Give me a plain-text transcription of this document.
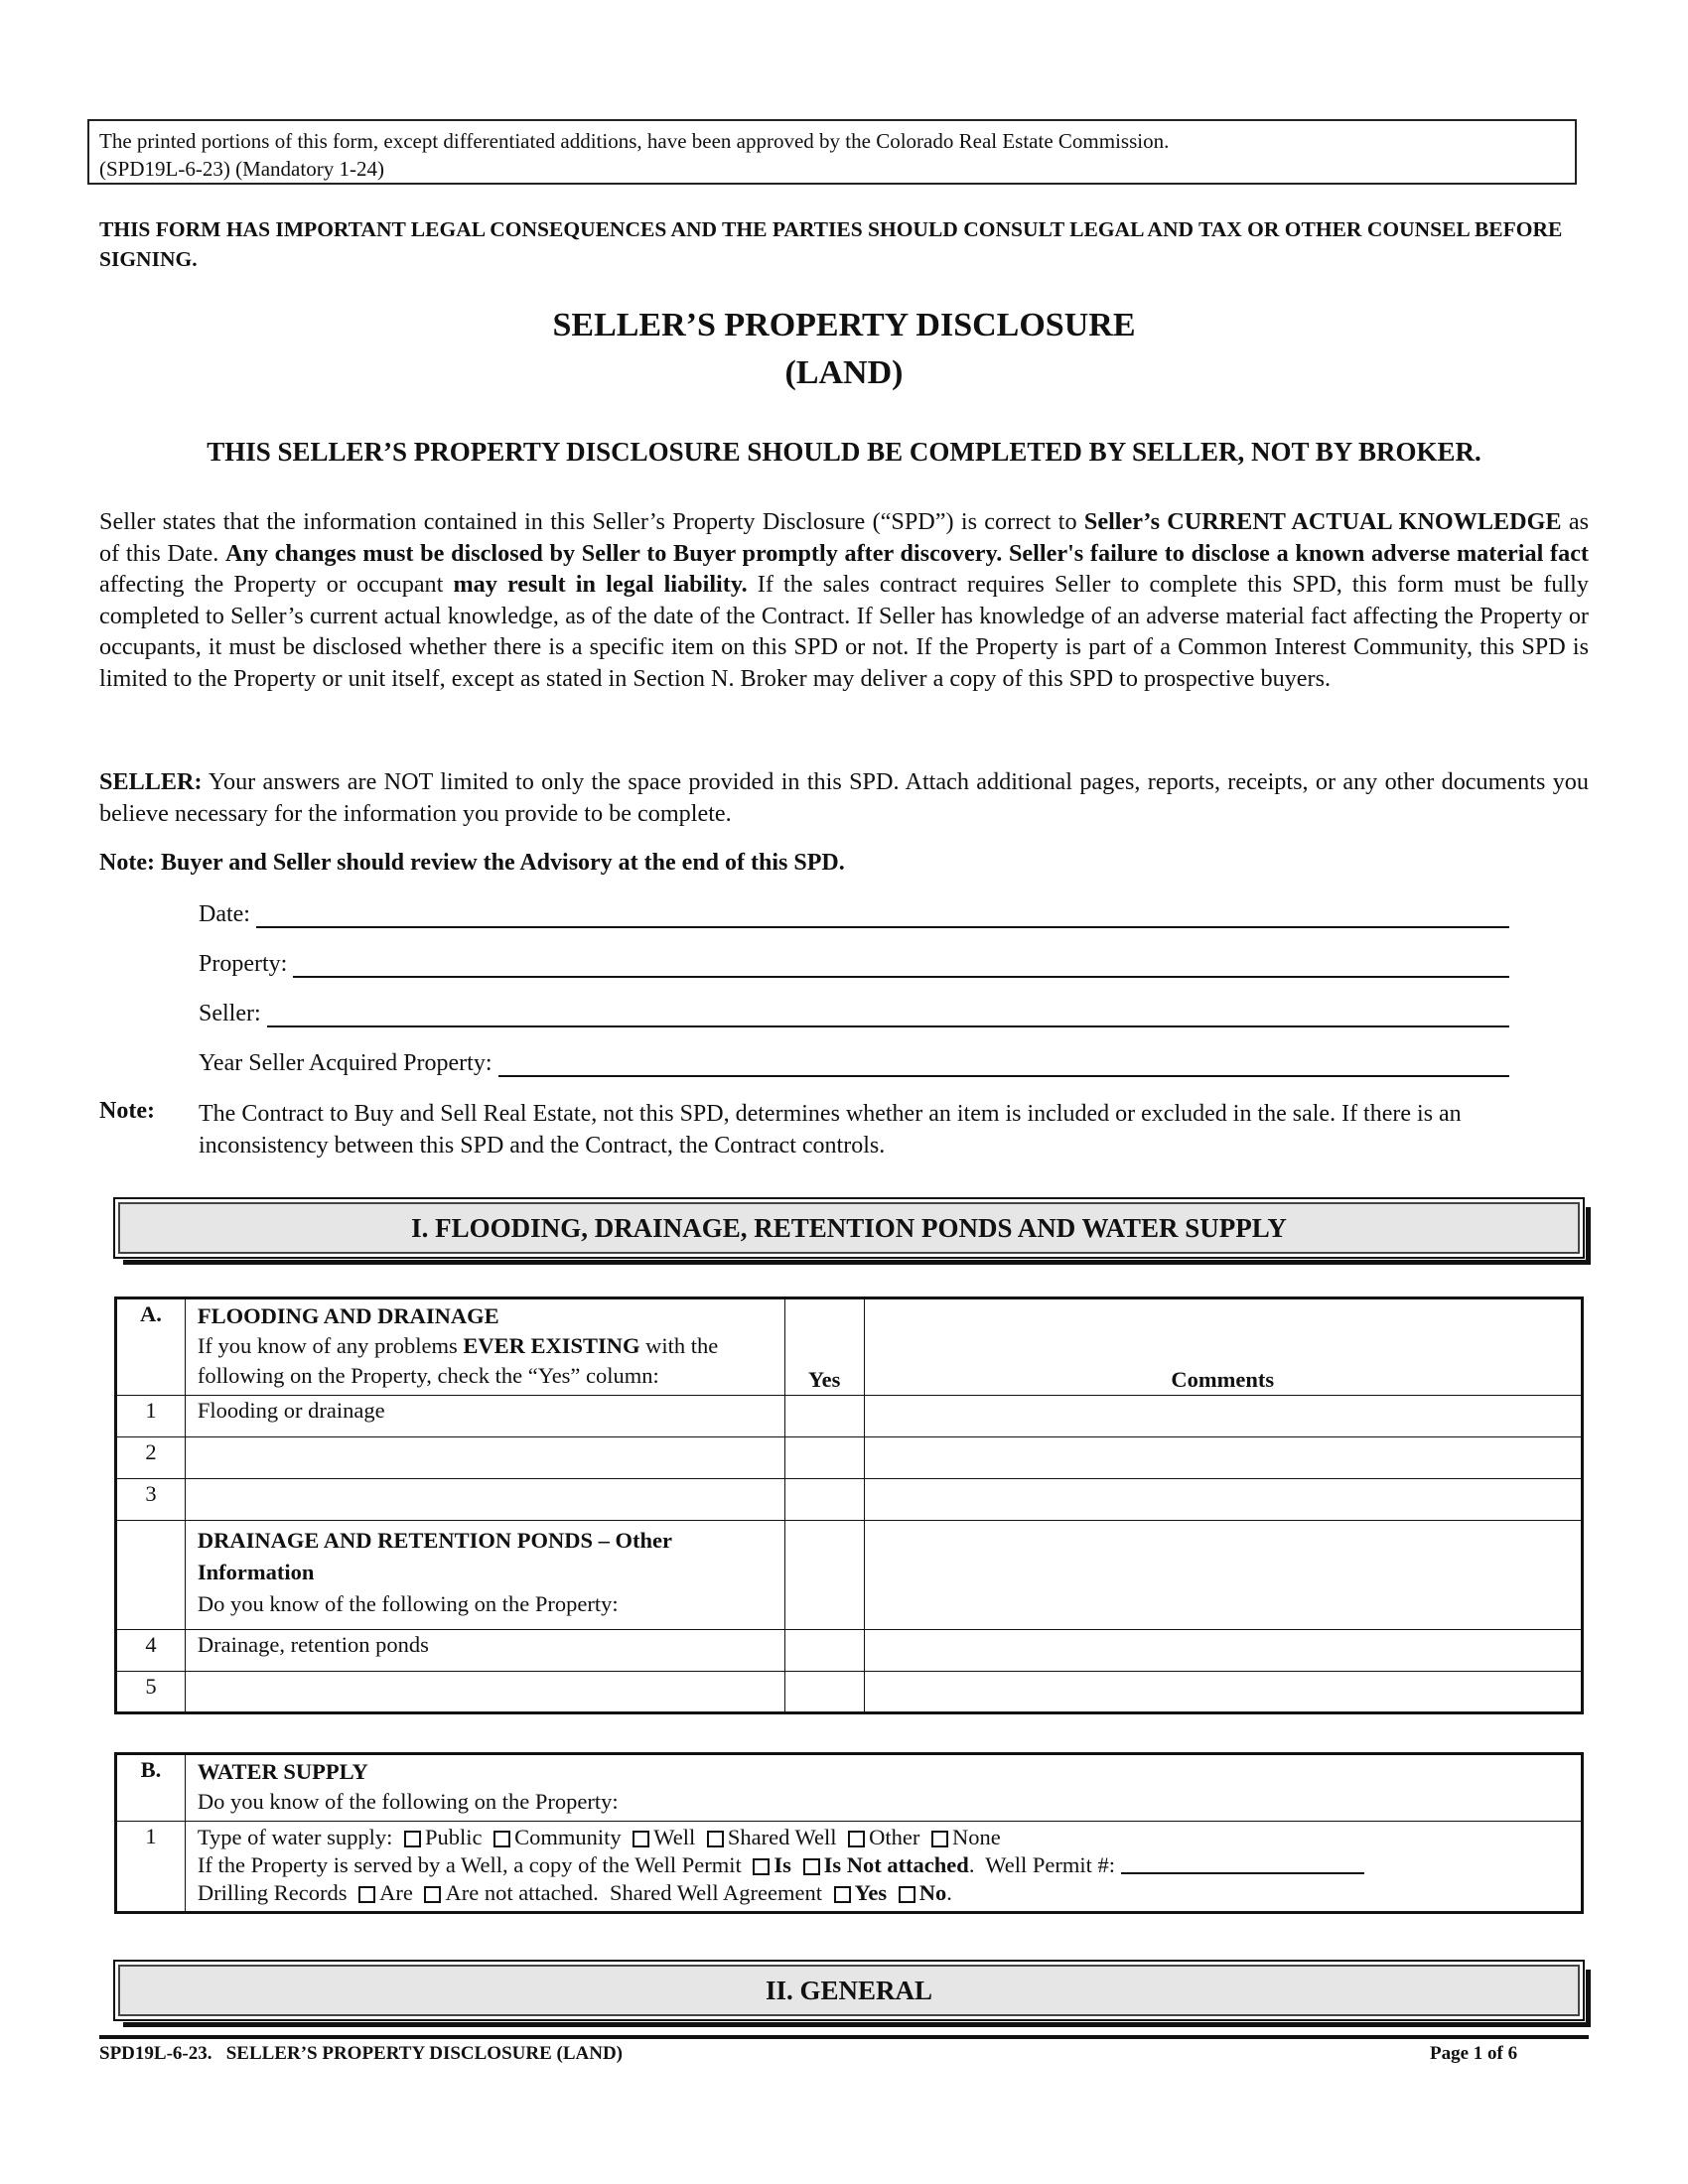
The printed portions of this form, except differentiated additions, have been approved by the Colorado Real Estate Commission.
(SPD19L-6-23) (Mandatory 1-24)
THIS FORM HAS IMPORTANT LEGAL CONSEQUENCES AND THE PARTIES SHOULD CONSULT LEGAL AND TAX OR OTHER COUNSEL BEFORE SIGNING.
SELLER’S PROPERTY DISCLOSURE
(LAND)
THIS SELLER’S PROPERTY DISCLOSURE SHOULD BE COMPLETED BY SELLER, NOT BY BROKER.
Seller states that the information contained in this Seller’s Property Disclosure (“SPD”) is correct to Seller’s CURRENT ACTUAL KNOWLEDGE as of this Date. Any changes must be disclosed by Seller to Buyer promptly after discovery. Seller's failure to disclose a known adverse material fact affecting the Property or occupant may result in legal liability. If the sales contract requires Seller to complete this SPD, this form must be fully completed to Seller’s current actual knowledge, as of the date of the Contract. If Seller has knowledge of an adverse material fact affecting the Property or occupants, it must be disclosed whether there is a specific item on this SPD or not. If the Property is part of a Common Interest Community, this SPD is limited to the Property or unit itself, except as stated in Section N. Broker may deliver a copy of this SPD to prospective buyers.
SELLER: Your answers are NOT limited to only the space provided in this SPD. Attach additional pages, reports, receipts, or any other documents you believe necessary for the information you provide to be complete.
Note: Buyer and Seller should review the Advisory at the end of this SPD.
Date:
Property:
Seller:
Year Seller Acquired Property:
Note: The Contract to Buy and Sell Real Estate, not this SPD, determines whether an item is included or excluded in the sale. If there is an inconsistency between this SPD and the Contract, the Contract controls.
I. FLOODING, DRAINAGE, RETENTION PONDS AND WATER SUPPLY
A.	FLOODING AND DRAINAGE
If you know of any problems EVER EXISTING with the following on the Property, check the “Yes” column:	Yes	Comments
1	Flooding or drainage		
2			
3			

	DRAINAGE AND RETENTION PONDS – Other Information
Do you know of the following on the Property:		

4	Drainage, retention ponds		
5			
B.	WATER SUPPLY
Do you know of the following on the Property:

1	Type of water supply: Public Community Well Shared Well Other None
If the Property is served by a Well, a copy of the Well Permit Is Is Not attached.  Well Permit #:
Drilling Records Are Are not attached. Shared Well Agreement Yes No.
II. GENERAL
SPD19L-6-23.   SELLER’S PROPERTY DISCLOSURE (LAND)	Page 1 of 6
